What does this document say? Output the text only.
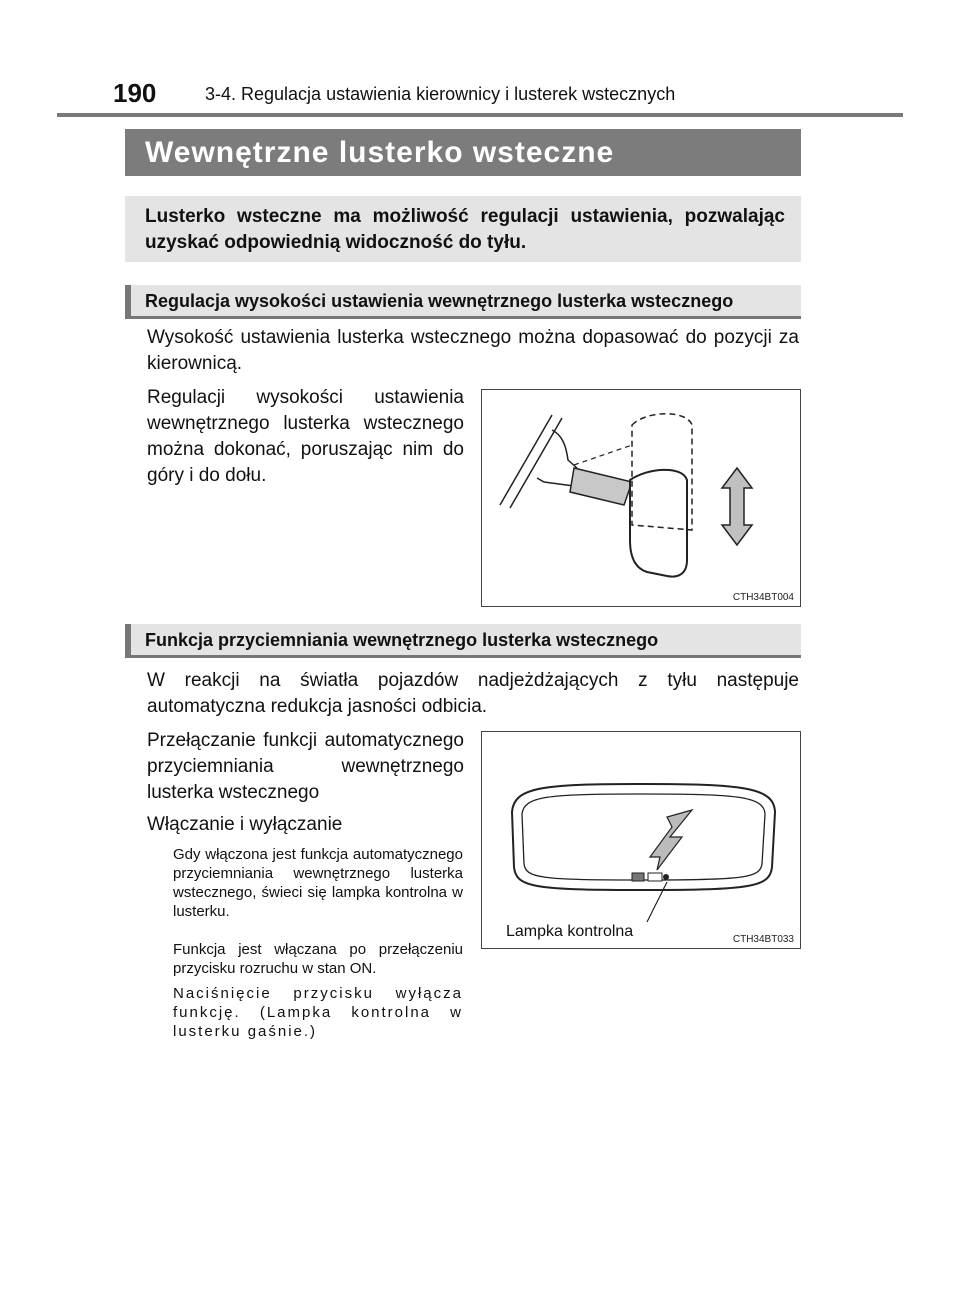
190	3-4. Regulacja ustawienia kierownicy i lusterek wstecznych
Wewnętrzne lusterko wsteczne
Lusterko wsteczne ma możliwość regulacji ustawienia, pozwalając uzyskać odpowiednią widoczność do tyłu.
Regulacja wysokości ustawienia wewnętrznego lusterka wstecznego
Wysokość ustawienia lusterka wstecznego można dopasować do pozycji za kierownicą.
Regulacji wysokości ustawienia wewnętrznego lusterka wstecznego można dokonać, poruszając nim do góry i do dołu.
CTH34BT004
Funkcja przyciemniania wewnętrznego lusterka wstecznego
W reakcji na światła pojazdów nadjeżdżających z tyłu następuje automatyczna redukcja jasności odbicia.
Przełączanie funkcji automatycznego przyciemniania wewnętrznego lusterka wstecznego
Włączanie i wyłączanie
Gdy włączona jest funkcja automatycznego przyciemniania wewnętrznego lusterka wstecznego, świeci się lampka kontrolna w lusterku.
Funkcja jest włączana po przełączeniu przycisku rozruchu w stan ON.
Naciśnięcie przycisku wyłącza funkcję. (Lampka kontrolna w lusterku gaśnie.)
Lampka kontrolna	CTH34BT033
